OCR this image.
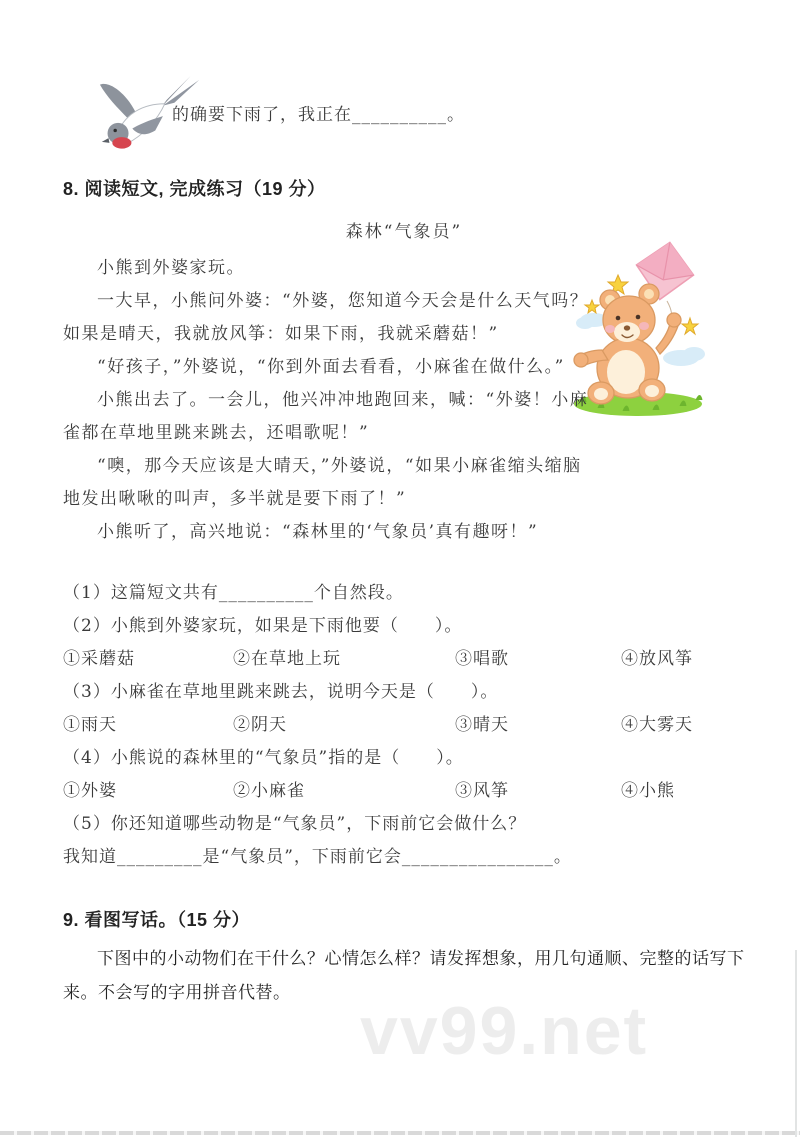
的确要下雨了，我正在__________。
8. 阅读短文, 完成练习（19 分）
森林“气象员”

小熊到外婆家玩。

一大早，小熊问外婆：“外婆，您知道今天会是什么天气吗？如果是晴天，我就放风筝：如果下雨，我就采蘑菇！”

“好孩子，”外婆说，“你到外面去看看，小麻雀在做什么。”

小熊出去了。一会儿，他兴冲冲地跑回来，喊：“外婆！小麻雀都在草地里跳来跳去，还唱歌呢！”

“噢，那今天应该是大晴天，”外婆说，“如果小麻雀缩头缩脑地发出啾啾的叫声，多半就是要下雨了！”

小熊听了，高兴地说：“森林里的‘气象员’真有趣呀！”

（1）这篇短文共有__________个自然段。

（2）小熊到外婆家玩，如果是下雨他要（　　）。

①采蘑菇	②在草地上玩	③唱歌	④放风筝

（3）小麻雀在草地里跳来跳去，说明今天是（　　）。

①雨天	②阴天	③晴天	④大雾天

（4）小熊说的森林里的“气象员”指的是（　　）。

①外婆	②小麻雀	③风筝	④小熊

（5）你还知道哪些动物是“气象员”，下雨前它会做什么？

我知道_________是“气象员”，下雨前它会________________。

9. 看图写话。（15 分）

下图中的小动物们在干什么？心情怎么样？请发挥想象，用几句通顺、完整的话写下来。不会写的字用拼音代替。

vv99.net
